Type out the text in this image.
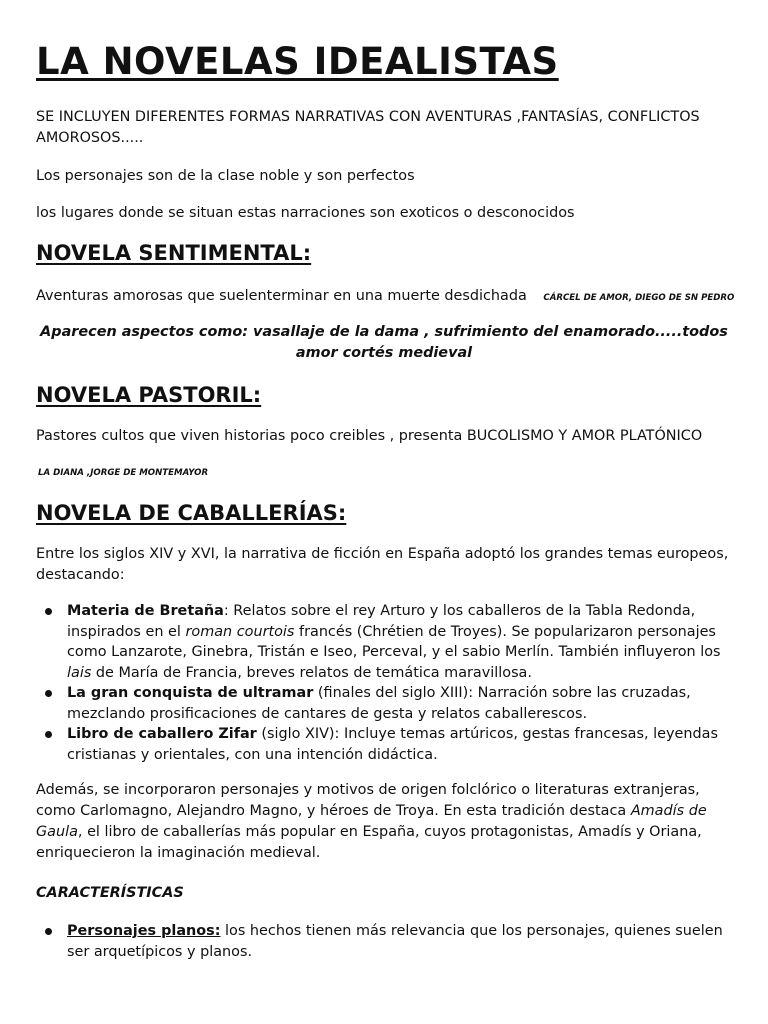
LA NOVELAS IDEALISTAS

SE INCLUYEN DIFERENTES FORMAS NARRATIVAS CON AVENTURAS ,FANTASÍAS, CONFLICTOS AMOROSOS.....

Los personajes son de la clase noble y son perfectos

los lugares donde se situan estas narraciones son exoticos o desconocidos

NOVELA SENTIMENTAL:

Aventuras amorosas que suelenterminar en una muerte desdichada CÁRCEL DE AMOR, DIEGO DE SN PEDRO

Aparecen aspectos como: vasallaje de la dama , sufrimiento del enamorado.....todos amor cortés medieval

NOVELA PASTORIL:

Pastores cultos que viven historias poco creibles , presenta BUCOLISMO Y AMOR PLATÓNICO

LA DIANA ,JORGE DE MONTEMAYOR

NOVELA DE CABALLERÍAS:

Entre los siglos XIV y XVI, la narrativa de ficción en España adoptó los grandes temas europeos, destacando:

Materia de Bretaña: Relatos sobre el rey Arturo y los caballeros de la Tabla Redonda, inspirados en el roman courtois francés (Chrétien de Troyes). Se popularizaron personajes como Lanzarote, Ginebra, Tristán e Iseo, Perceval, y el sabio Merlín. También influyeron los lais de María de Francia, breves relatos de temática maravillosa.
La gran conquista de ultramar (finales del siglo XIII): Narración sobre las cruzadas, mezclando prosificaciones de cantares de gesta y relatos caballerescos.
Libro de caballero Zifar (siglo XIV): Incluye temas artúricos, gestas francesas, leyendas cristianas y orientales, con una intención didáctica.

Además, se incorporaron personajes y motivos de origen folclórico o literaturas extranjeras, como Carlomagno, Alejandro Magno, y héroes de Troya. En esta tradición destaca Amadís de Gaula, el libro de caballerías más popular en España, cuyos protagonistas, Amadís y Oriana, enriquecieron la imaginación medieval.

CARACTERÍSTICAS

Personajes planos: los hechos tienen más relevancia que los personajes, quienes suelen ser arquetípicos y planos.
